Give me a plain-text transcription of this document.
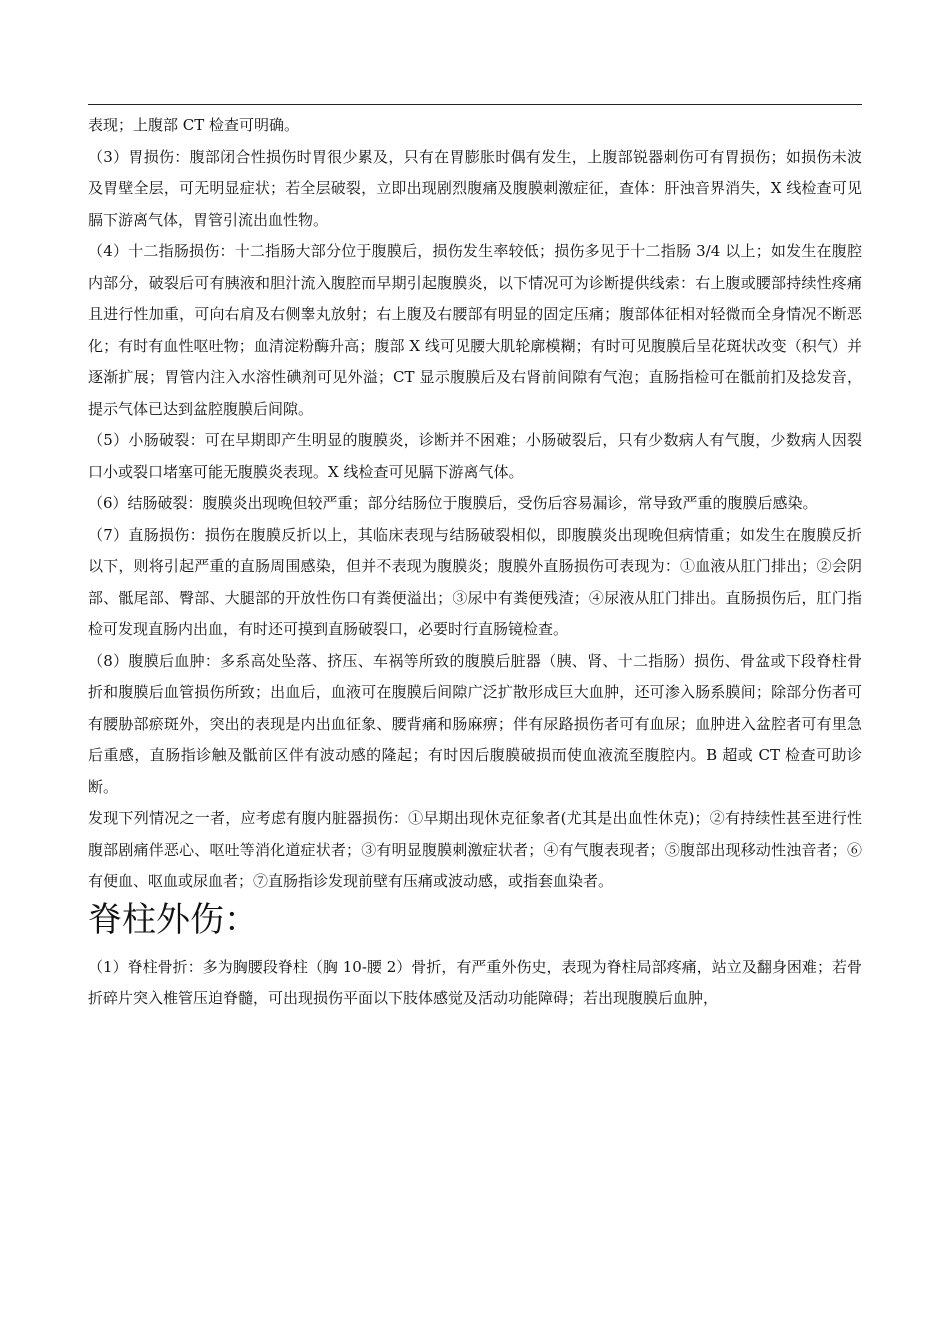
表现；上腹部 CT 检查可明确。

（3）胃损伤：腹部闭合性损伤时胃很少累及，只有在胃膨胀时偶有发生，上腹部锐器刺伤可有胃损伤；如损伤未波及胃壁全层，可无明显症状；若全层破裂，立即出现剧烈腹痛及腹膜刺激症征，查体：肝浊音界消失，X 线检查可见膈下游离气体，胃管引流出血性物。

（4）十二指肠损伤：十二指肠大部分位于腹膜后，损伤发生率较低；损伤多见于十二指肠 3/4 以上；如发生在腹腔内部分，破裂后可有胰液和胆汁流入腹腔而早期引起腹膜炎，以下情况可为诊断提供线索：右上腹或腰部持续性疼痛且进行性加重，可向右肩及右侧睾丸放射；右上腹及右腰部有明显的固定压痛；腹部体征相对轻微而全身情况不断恶化；有时有血性呕吐物；血清淀粉酶升高；腹部 X 线可见腰大肌轮廓模糊；有时可见腹膜后呈花斑状改变（积气）并逐渐扩展；胃管内注入水溶性碘剂可见外溢；CT 显示腹膜后及右肾前间隙有气泡；直肠指检可在骶前扪及捻发音，提示气体已达到盆腔腹膜后间隙。

（5）小肠破裂：可在早期即产生明显的腹膜炎，诊断并不困难；小肠破裂后，只有少数病人有气腹，少数病人因裂口小或裂口堵塞可能无腹膜炎表现。X 线检查可见膈下游离气体。

（6）结肠破裂：腹膜炎出现晚但较严重；部分结肠位于腹膜后，受伤后容易漏诊，常导致严重的腹膜后感染。

（7）直肠损伤：损伤在腹膜反折以上，其临床表现与结肠破裂相似，即腹膜炎出现晚但病情重；如发生在腹膜反折以下，则将引起严重的直肠周围感染，但并不表现为腹膜炎；腹膜外直肠损伤可表现为：①血液从肛门排出；②会阴部、骶尾部、臀部、大腿部的开放性伤口有粪便溢出；③尿中有粪便残渣；④尿液从肛门排出。直肠损伤后，肛门指检可发现直肠内出血，有时还可摸到直肠破裂口，必要时行直肠镜检查。

（8）腹膜后血肿：多系高处坠落、挤压、车祸等所致的腹膜后脏器（胰、肾、十二指肠）损伤、骨盆或下段脊柱骨折和腹膜后血管损伤所致；出血后，血液可在腹膜后间隙广泛扩散形成巨大血肿，还可渗入肠系膜间；除部分伤者可有腰胁部瘀斑外，突出的表现是内出血征象、腰背痛和肠麻痹；伴有尿路损伤者可有血尿；血肿进入盆腔者可有里急后重感，直肠指诊触及骶前区伴有波动感的隆起；有时因后腹膜破损而使血液流至腹腔内。B 超或 CT 检查可助诊断。

发现下列情况之一者，应考虑有腹内脏器损伤：①早期出现休克征象者(尤其是出血性休克)；②有持续性甚至进行性腹部剧痛伴恶心、呕吐等消化道症状者；③有明显腹膜刺激症状者；④有气腹表现者；⑤腹部出现移动性浊音者；⑥有便血、呕血或尿血者；⑦直肠指诊发现前壁有压痛或波动感，或指套血染者。

脊柱外伤：

（1）脊柱骨折：多为胸腰段脊柱（胸 10-腰 2）骨折，有严重外伤史，表现为脊柱局部疼痛，站立及翻身困难；若骨折碎片突入椎管压迫脊髓，可出现损伤平面以下肢体感觉及活动功能障碍；若出现腹膜后血肿，
